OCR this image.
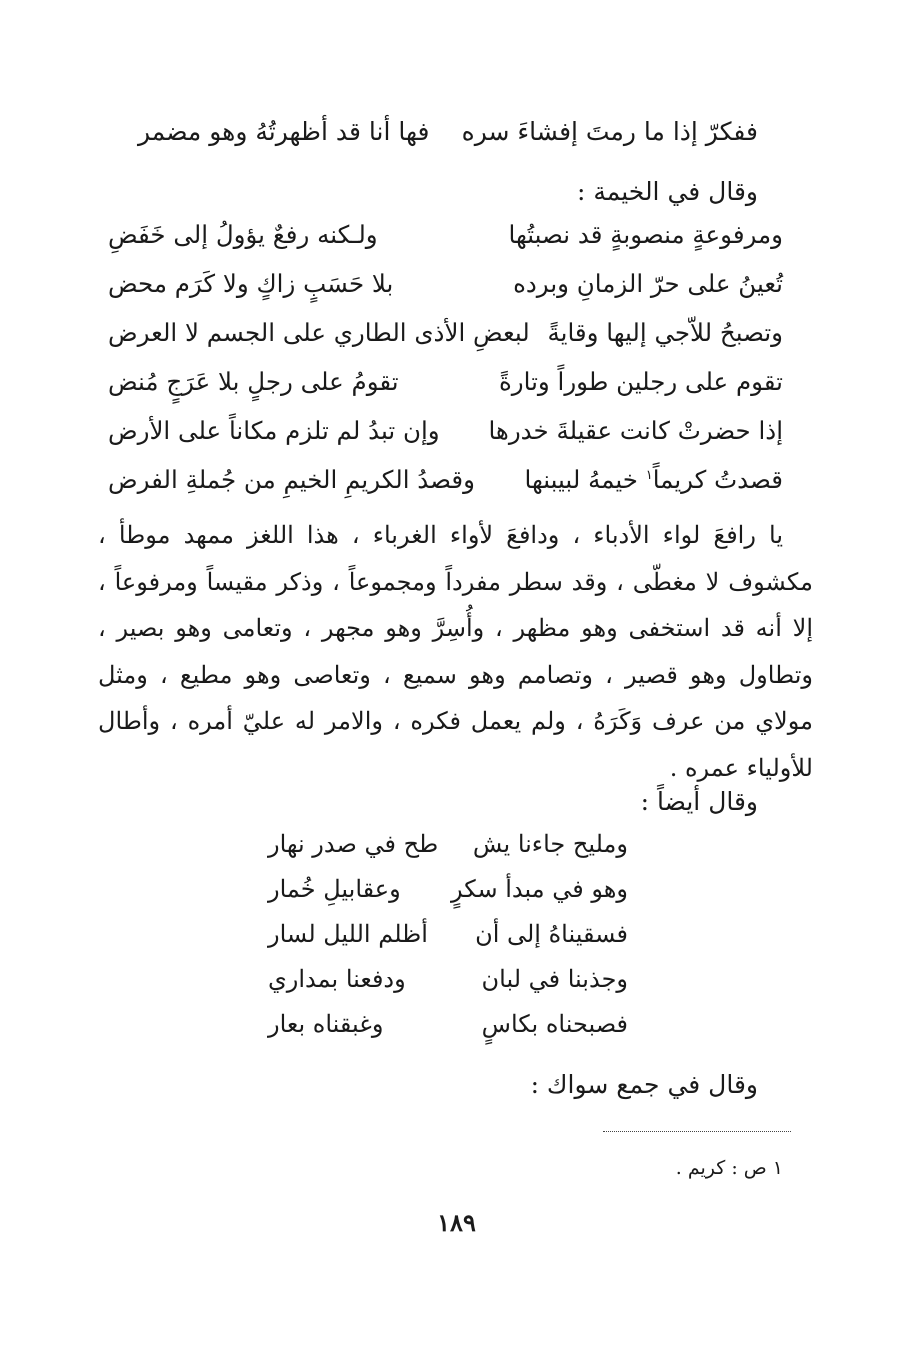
ففكرّ إذا ما رمتَ إفشاءَ سره
فها أنا قد أظهرتُهُ وهو مضمر
وقال في الخيمة :
ومرفوعةٍ منصوبةٍ قد نصبتُها
ولـكنه رفعٌ يؤولُ إلى خَفَضِ
تُعينُ على حرّ الزمانِ وبرده
بلا حَسَبٍ زاكٍ ولا كَرَم محض
وتصبحُ للاّجي إليها وقايةً
لبعضِ الأذى الطاري على الجسم لا العرض
تقوم على رجلين طوراً وتارةً
تقومُ على رجلٍ بلا عَرَجٍ مُنض
إذا حضرتْ كانت عقيلةَ خدرها
وإن تبدُ لم تلزم مكاناً على الأرض
قصدتُ كريماً$^١$ خيمهُ لبيبنها
وقصدُ الكريمِ الخيمِ من جُملةِ الفرض

يا رافعَ لواء الأدباء ، ودافعَ لأواء الغرباء ، هذا اللغز ممهد موطأ ، مكشوف لا مغطّى ، وقد سطر مفرداً ومجموعاً ، وذكر مقيساً ومرفوعاً ، إلا أنه قد استخفى وهو مظهر ، وأُسِرَّ وهو مجهر ، وتعامى وهو بصير ، وتطاول وهو قصير ، وتصامم وهو سميع ، وتعاصى وهو مطيع ، ومثل مولاي من عرف وَكَرَهُ ، ولم يعمل فكره ، والامر له عليّ أمره ، وأطال للأولياء عمره .

وقال أيضاً :
ومليح جاءنا يش
طح في صدر نهار
وهو في مبدأ سكرٍ
وعقابيلِ خُمار
فسقيناهُ إلى أن
أظلم الليل لسار
وجذبنا في لبان
ودفعنا بمداري
فصبحناه بكاسٍ
وغبقناه بعار
وقال في جمع سواك :
١ ص : كريم .
١٨٩
